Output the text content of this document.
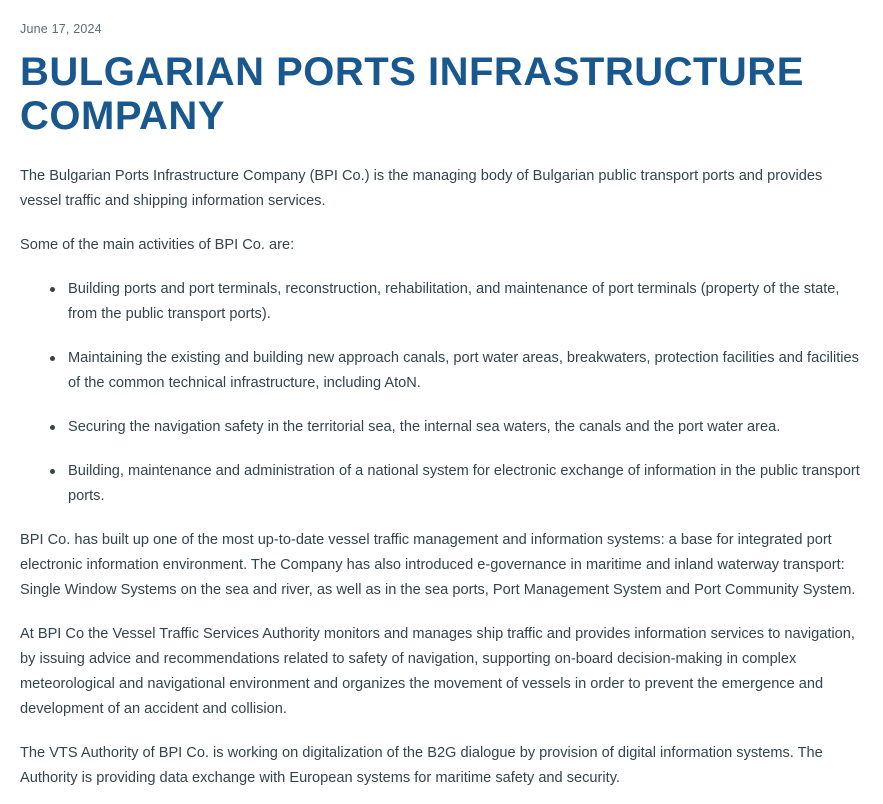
June 17, 2024
BULGARIAN PORTS INFRASTRUCTURE COMPANY

The Bulgarian Ports Infrastructure Company (BPI Co.) is the managing body of Bulgarian public transport ports and provides vessel traffic and shipping information services.

Some of the main activities of BPI Co. are:

Building ports and port terminals, reconstruction, rehabilitation, and maintenance of port terminals (property of the state, from the public transport ports).
Maintaining the existing and building new approach canals, port water areas, breakwaters, protection facilities and facilities of the common technical infrastructure, including AtoN.
Securing the navigation safety in the territorial sea, the internal sea waters, the canals and the port water area.
Building, maintenance and administration of a national system for electronic exchange of information in the public transport ports.

BPI Co. has built up one of the most up-to-date vessel traffic management and information systems: a base for integrated port electronic information environment. The Company has also introduced e-governance in maritime and inland waterway transport: Single Window Systems on the sea and river, as well as in the sea ports, Port Management System and Port Community System.

At BPI Co the Vessel Traffic Services Authority monitors and manages ship traffic and provides information services to navigation, by issuing advice and recommendations related to safety of navigation, supporting on-board decision-making in complex meteorological and navigational environment and organizes the movement of vessels in order to prevent the emergence and development of an accident and collision.

The VTS Authority of BPI Co. is working on digitalization of the B2G dialogue by provision of digital information systems. The Authority is providing data exchange with European systems for maritime safety and security.
